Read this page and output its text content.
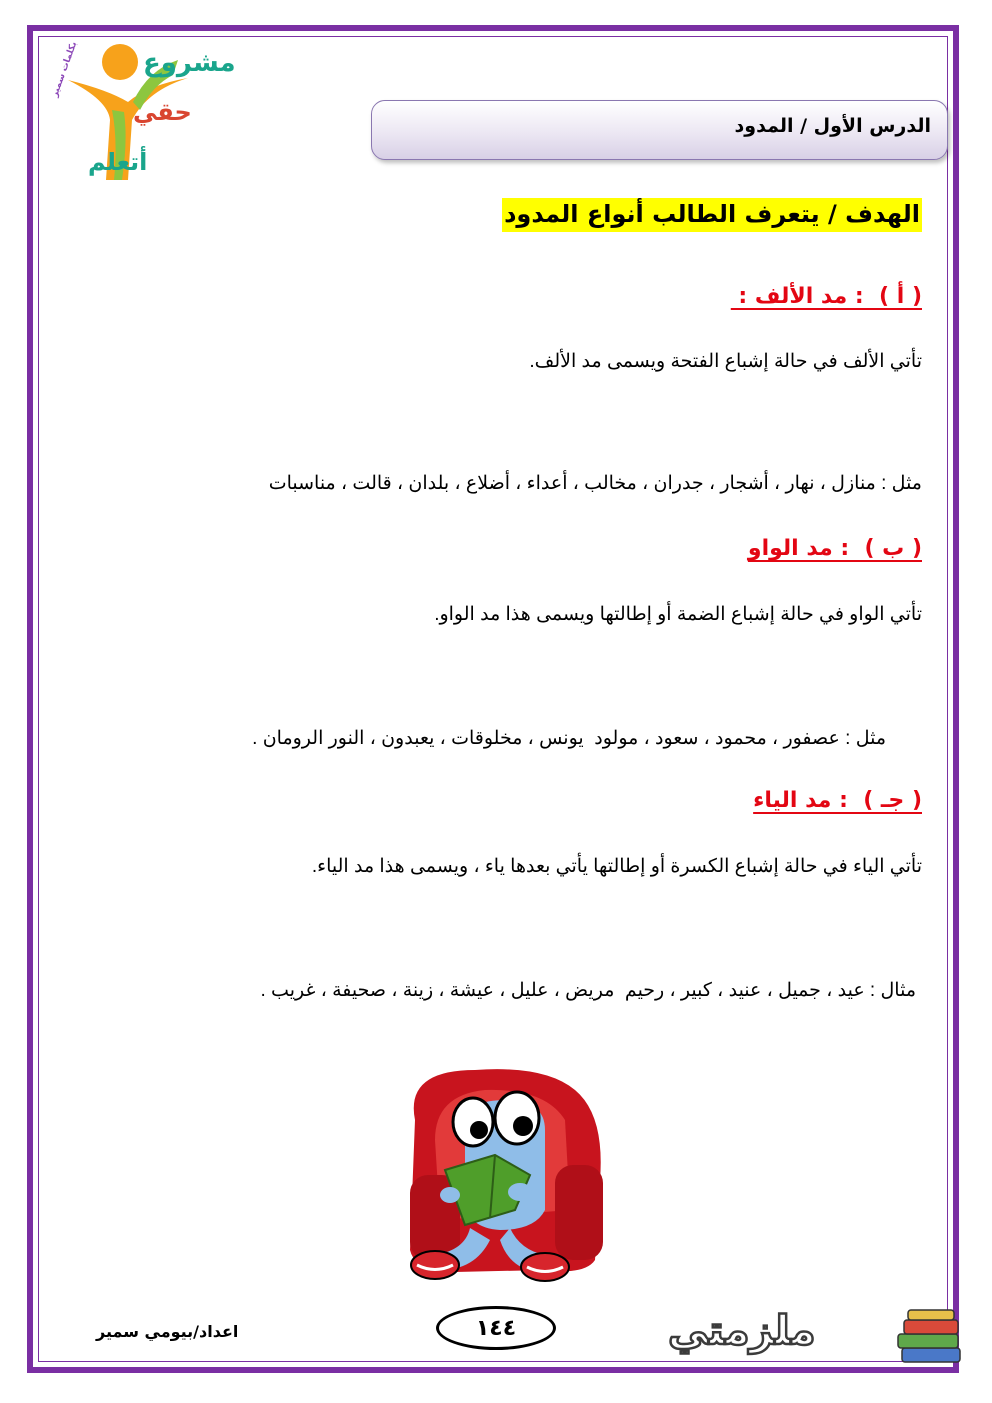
مشروع
حقي
أتعلم
بكلمات سمير
الدرس الأول / المدود
الهدف / يتعرف الطالب أنواع المدود
( أ )  : مد الألف :
تأتي الألف في حالة إشباع الفتحة ويسمى مد الألف.
مثل : منازل ، نهار ، أشجار ، جدران ، مخالب ، أعداء ، أضلاع ، بلدان ، قالت ، مناسبات
( ب )  : مد الواو
تأتي الواو في حالة إشباع الضمة أو إطالتها ويسمى هذا مد الواو.
مثل : عصفور ، محمود ، سعود ، مولود  يونس ، مخلوقات ، يعبدون ، النور الرومان .
( جـ )  : مد الياء
تأتي الياء في حالة إشباع الكسرة أو إطالتها يأتي بعدها ياء ، ويسمى هذا مد الياء.
مثال : عيد ، جميل ، عنيد ، كبير ، رحيم  مريض ، عليل ، عيشة ، زينة ، صحيفة ، غريب .
اعداد/بيومي سمير	١٤٤	ملزمتي
